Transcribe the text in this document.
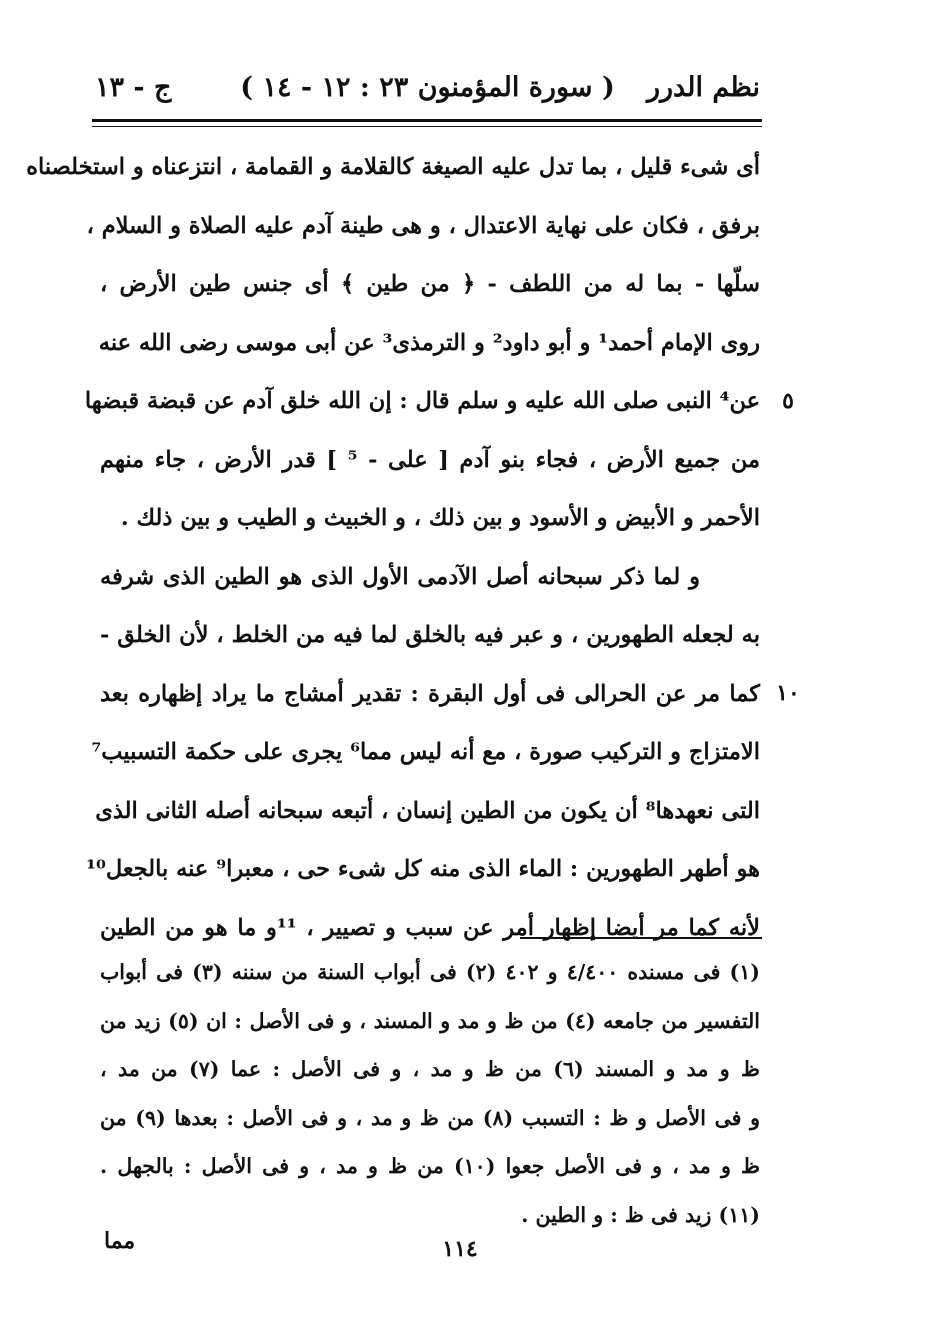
نظم الدرر
( سورة المؤمنون ٢٣ : ١٢ - ١٤ )
ج - ١٣
أى شىء قليل ، بما تدل عليه الصيغة كالقلامة و القمامة ، انتزعناه و استخلصناه
برفق ، فكان على نهاية الاعتدال ، و هى طينة آدم عليه الصلاة و السلام ،
سلّها - بما له من اللطف - ﴿ من طين ﴾ أى جنس طين الأرض ،
روى الإمام أحمد¹ و أبو داود² و الترمذى³ عن أبى موسى رضى الله عنه
عن⁴ النبى صلى الله عليه و سلم قال : إن الله خلق آدم عن قبضة قبضها
من جميع الأرض ، فجاء بنو آدم [ على - ⁵ ] قدر الأرض ، جاء منهم
الأحمر و الأبيض و الأسود و بين ذلك ، و الخبيث و الطيب و بين ذلك .
و لما ذكر سبحانه أصل الآدمى الأول الذى هو الطين الذى شرفه
به لجعله الطهورين ، و عبر فيه بالخلق لما فيه من الخلط ، لأن الخلق -
كما مر عن الحرالى فى أول البقرة : تقدير أمشاج ما يراد إظهاره بعد
الامتزاج و التركيب صورة ، مع أنه ليس مما⁶ يجرى على حكمة التسبيب⁷
التى نعهدها⁸ أن يكون من الطين إنسان ، أتبعه سبحانه أصله الثانى الذى
هو أطهر الطهورين : الماء الذى منه كل شىء حى ، معبرا⁹ عنه بالجعل¹⁰
لأنه كما مر أيضا إظهار أمر عن سبب و تصيير ، ¹¹و ما هو من الطين
٥
١٠
(١) فى مسنده ٤/٤٠٠ و ٤٠٢ (٢) فى أبواب السنة من سننه (٣) فى أبواب
التفسير من جامعه (٤) من ظ و مد و المسند ، و فى الأصل : ان (٥) زيد من
ظ و مد و المسند (٦) من ظ و مد ، و فى الأصل : عما (٧) من مد ،
و فى الأصل و ظ : التسبب (٨) من ظ و مد ، و فى الأصل : بعدها (٩) من
ظ و مد ، و فى الأصل جعوا (١٠) من ظ و مد ، و فى الأصل : بالجهل .
(١١) زيد فى ظ : و الطين .
١١٤
مما
